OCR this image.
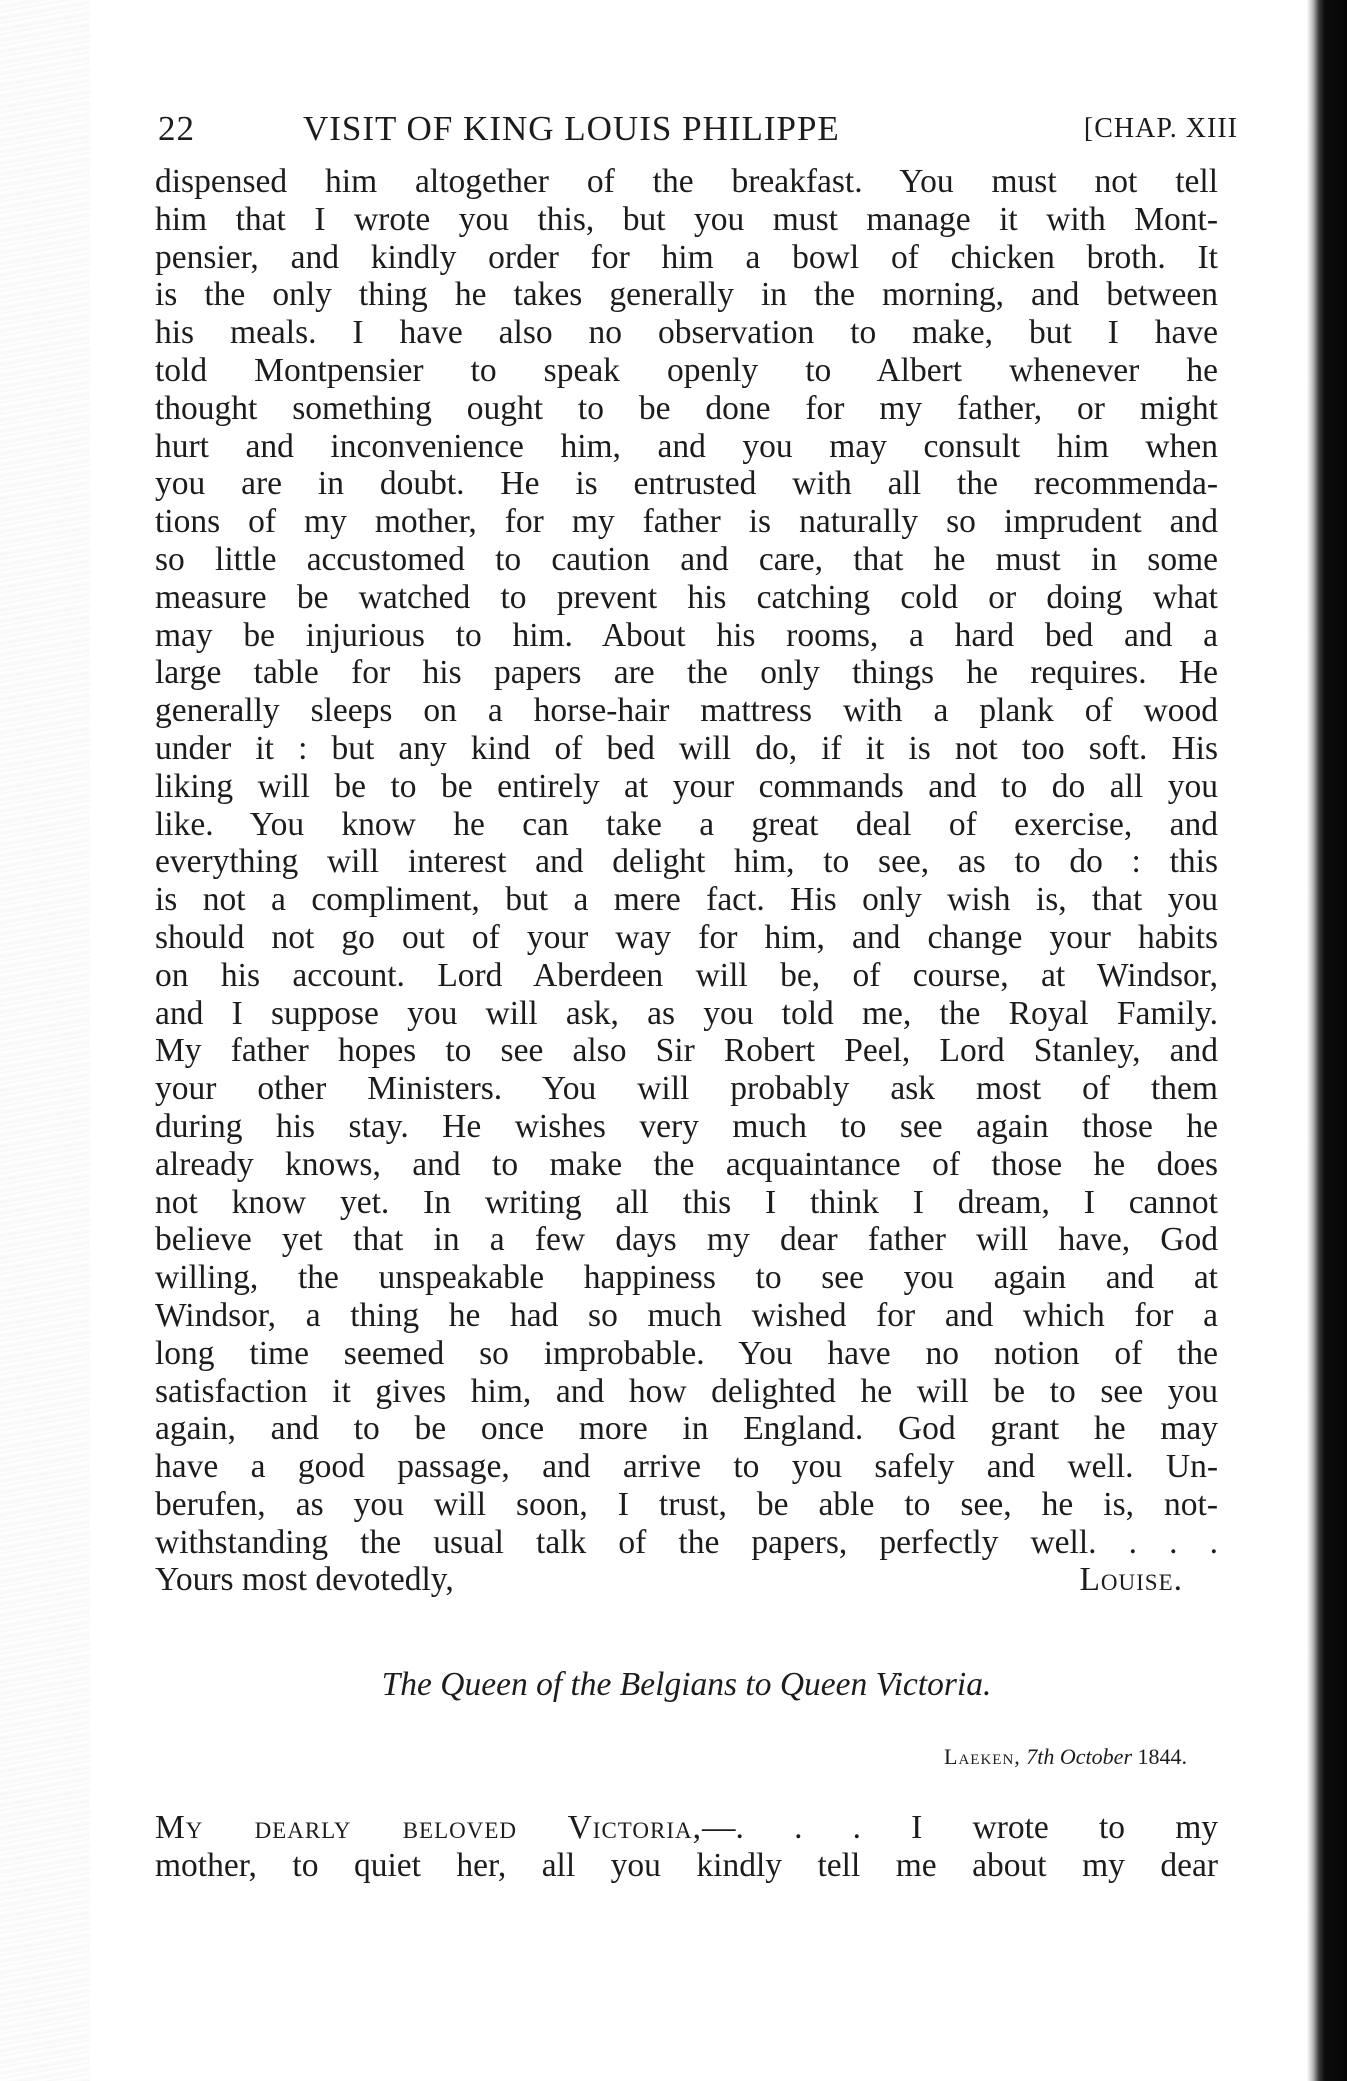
22	VISIT OF KING LOUIS PHILIPPE	[CHAP. XIII
dispensed him altogether of the breakfast. You must not tell
him that I wrote you this, but you must manage it with Mont-
pensier, and kindly order for him a bowl of chicken broth. It
is the only thing he takes generally in the morning, and between
his meals. I have also no observation to make, but I have
told Montpensier to speak openly to Albert whenever he
thought something ought to be done for my father, or might
hurt and inconvenience him, and you may consult him when
you are in doubt. He is entrusted with all the recommenda-
tions of my mother, for my father is naturally so imprudent and
so little accustomed to caution and care, that he must in some
measure be watched to prevent his catching cold or doing what
may be injurious to him. About his rooms, a hard bed and a
large table for his papers are the only things he requires. He
generally sleeps on a horse-hair mattress with a plank of wood
under it : but any kind of bed will do, if it is not too soft. His
liking will be to be entirely at your commands and to do all you
like. You know he can take a great deal of exercise, and
everything will interest and delight him, to see, as to do : this
is not a compliment, but a mere fact. His only wish is, that you
should not go out of your way for him, and change your habits
on his account. Lord Aberdeen will be, of course, at Windsor,
and I suppose you will ask, as you told me, the Royal Family.
My father hopes to see also Sir Robert Peel, Lord Stanley, and
your other Ministers. You will probably ask most of them
during his stay. He wishes very much to see again those he
already knows, and to make the acquaintance of those he does
not know yet. In writing all this I think I dream, I cannot
believe yet that in a few days my dear father will have, God
willing, the unspeakable happiness to see you again and at
Windsor, a thing he had so much wished for and which for a
long time seemed so improbable. You have no notion of the
satisfaction it gives him, and how delighted he will be to see you
again, and to be once more in England. God grant he may
have a good passage, and arrive to you safely and well. Un-
berufen, as you will soon, I trust, be able to see, he is, not-
withstanding the usual talk of the papers, perfectly well. . . .
Yours most devotedly,	Louise.
The Queen of the Belgians to Queen Victoria.
Laeken, 7th October 1844.
My dearly beloved Victoria,—. . . I wrote to my
mother, to quiet her, all you kindly tell me about my dear
